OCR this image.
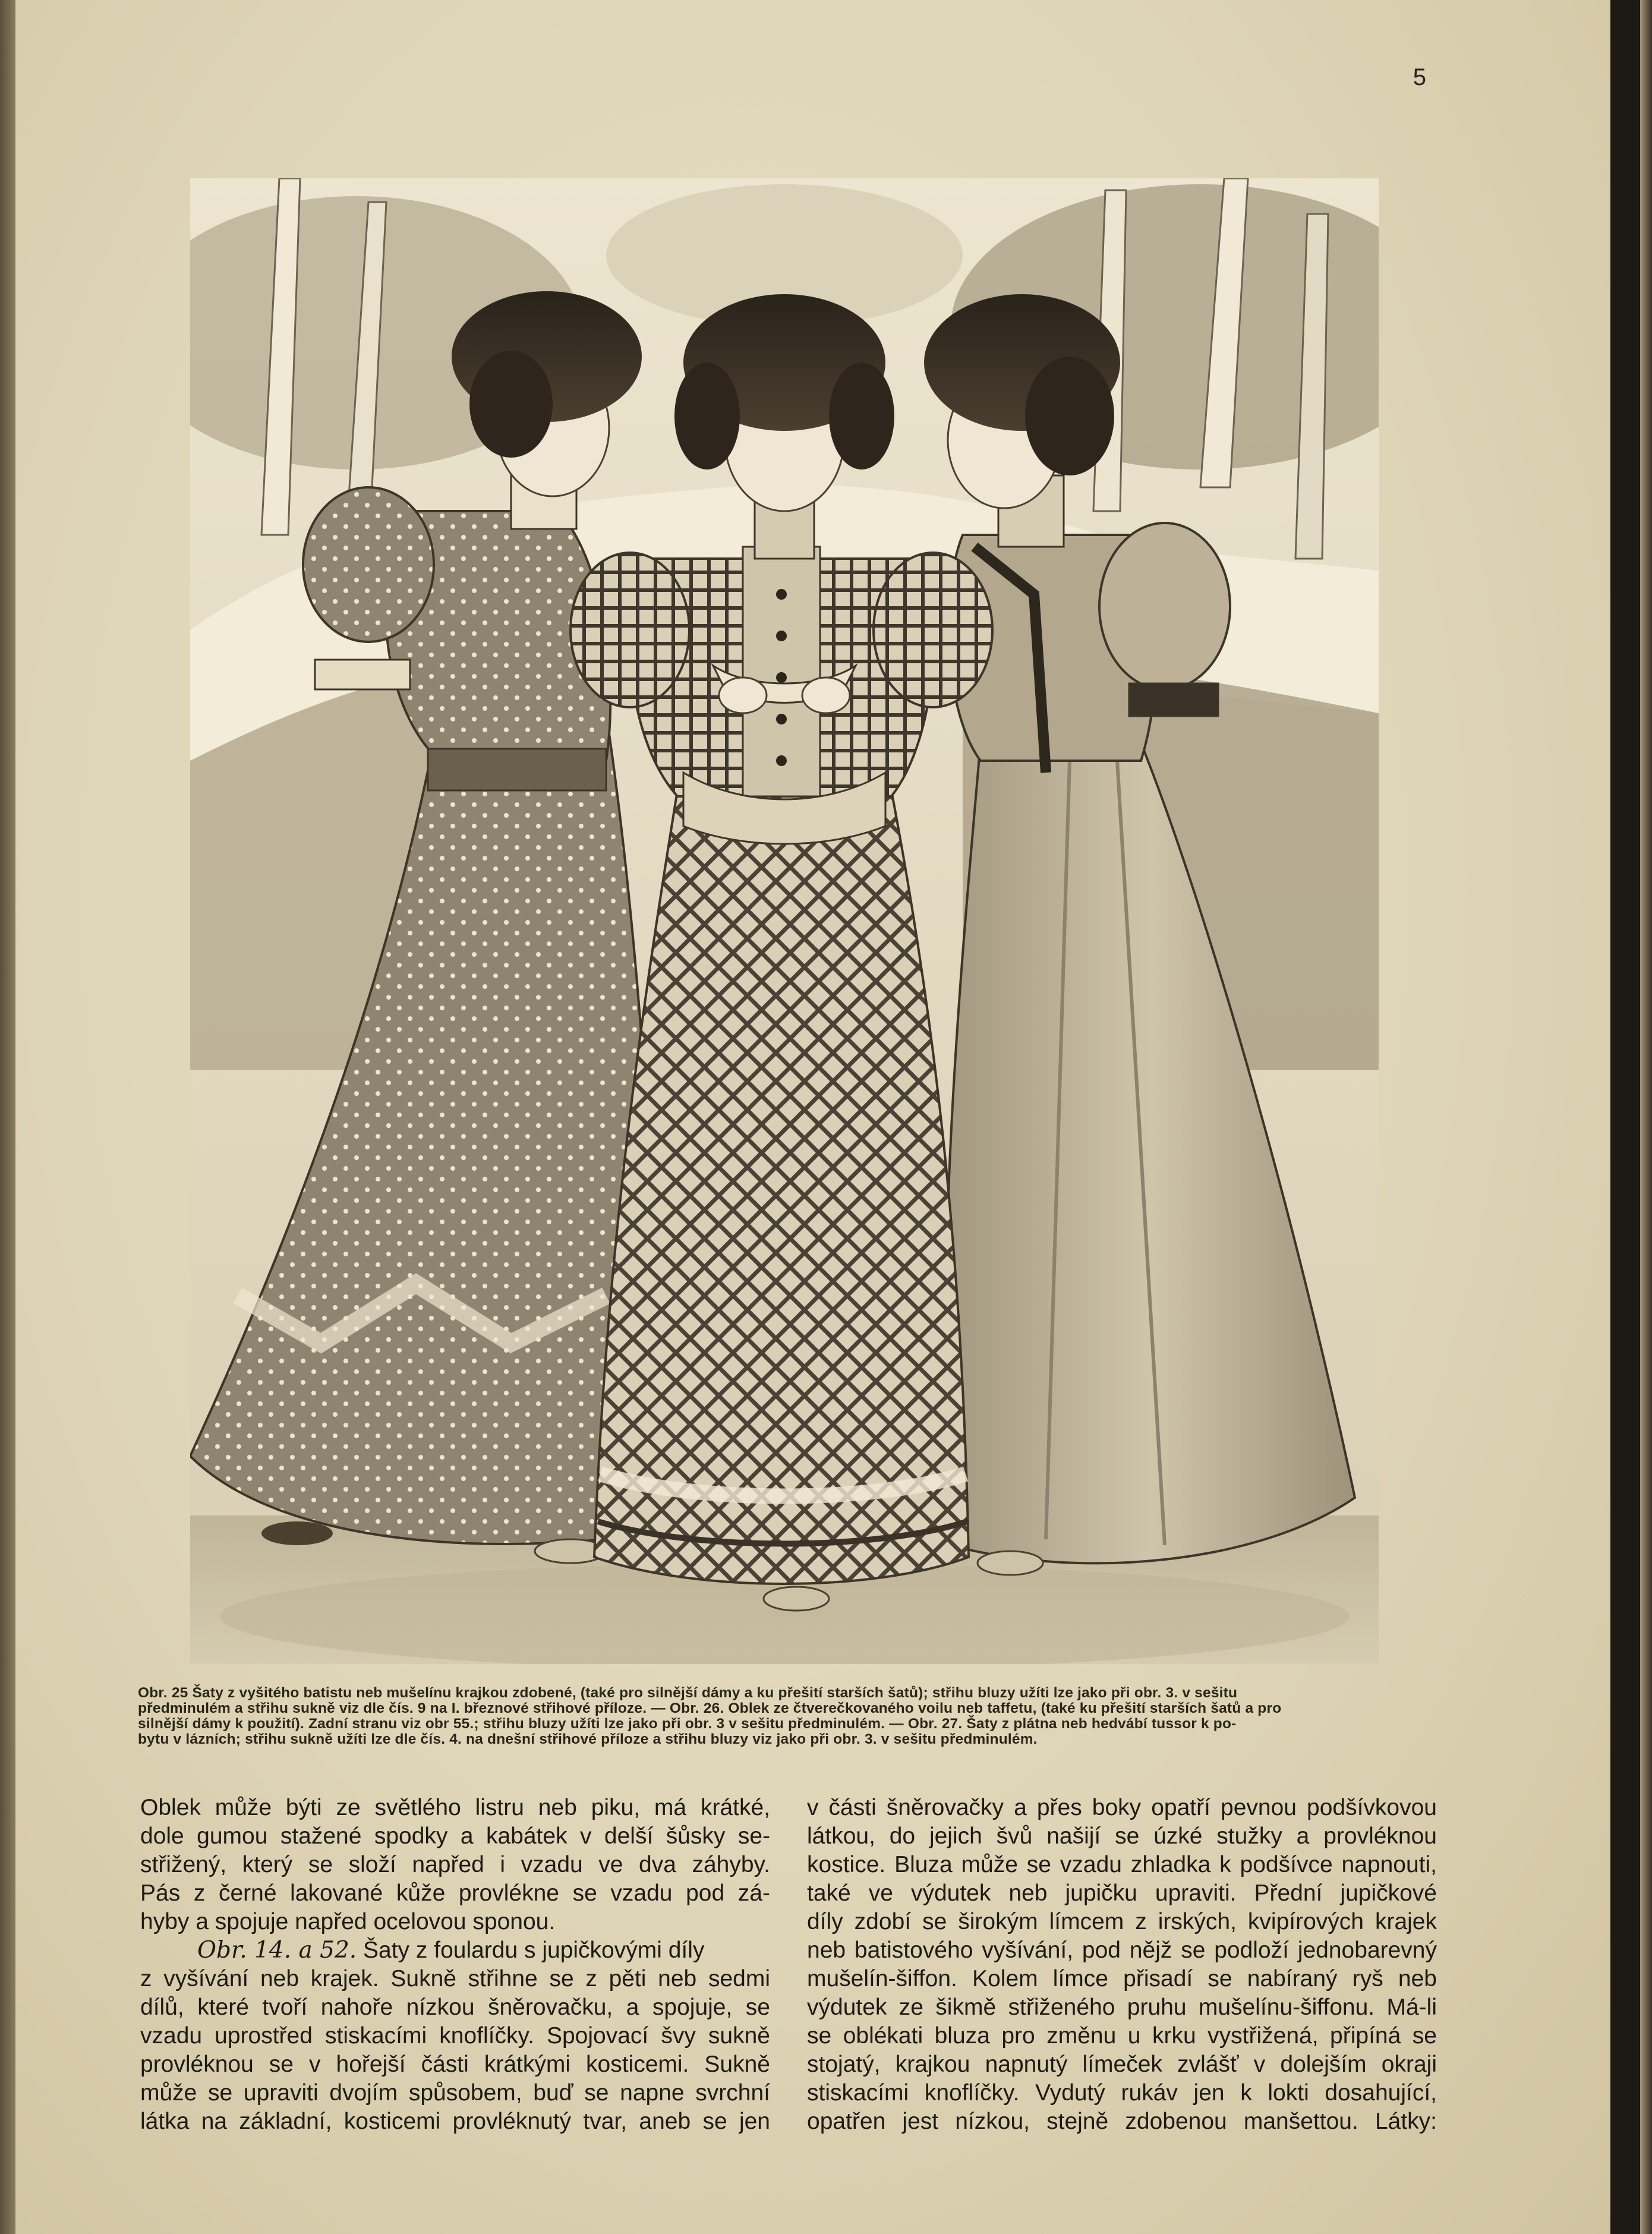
5
Obr. 25 Šaty z vyšitého batistu neb mušelínu krajkou zdobené, (také pro silnější dámy a ku přešití starších šatů); střihu bluzy užíti lze jako při obr. 3. v sešitu
předminulém a střihu sukně viz dle čís. 9 na I. březnové střihové příloze. — Obr. 26. Oblek ze čtverečkovaného voilu neb taffetu, (také ku přešití starších šatů a pro
silnější dámy k použití). Zadní stranu viz obr 55.; střihu bluzy užíti lze jako při obr. 3 v sešitu předminulém. — Obr. 27. Šaty z plátna neb hedvábí tussor k po-
bytu v lázních; střihu sukně užíti lze dle čís. 4. na dnešní střihové příloze a střihu bluzy viz jako při obr. 3. v sešitu předminulém.
Oblek může býti ze světlého listru neb piku, má krátké,
dole gumou stažené spodky a kabátek v delší šůsky se-
střižený, který se složí napřed i vzadu ve dva záhyby.
Pás z černé lakované kůže provlékne se vzadu pod zá-
hyby a spojuje napřed ocelovou sponou.
Obr. 14. a 52. Šaty z foulardu s jupičkovými díly
z vyšívání neb krajek. Sukně střihne se z pěti neb sedmi
dílů, které tvoří nahoře nízkou šněrovačku, a spojuje, se
vzadu uprostřed stiskacími knoflíčky. Spojovací švy sukně
provléknou se v hořejší části krátkými kosticemi. Sukně
může se upraviti dvojím spůsobem, buď se napne svrchní
látka na základní, kosticemi provléknutý tvar, aneb se jen
v části šněrovačky a přes boky opatří pevnou podšívkovou
látkou, do jejich švů našijí se úzké stužky a provléknou
kostice. Bluza může se vzadu zhladka k podšívce napnouti,
také ve výdutek neb jupičku upraviti. Přední jupičkové
díly zdobí se širokým límcem z irských, kvipírových krajek
neb batistového vyšívání, pod nějž se podloží jednobarevný
mušelín-šiffon. Kolem límce přisadí se nabíraný ryš neb
výdutek ze šikmě střiženého pruhu mušelínu-šiffonu. Má-li
se oblékati bluza pro změnu u krku vystřižená, připíná se
stojatý, krajkou napnutý límeček zvlášť v dolejším okraji
stiskacími knoflíčky. Vydutý rukáv jen k lokti dosahující,
opatřen jest nízkou, stejně zdobenou manšettou. Látky:
